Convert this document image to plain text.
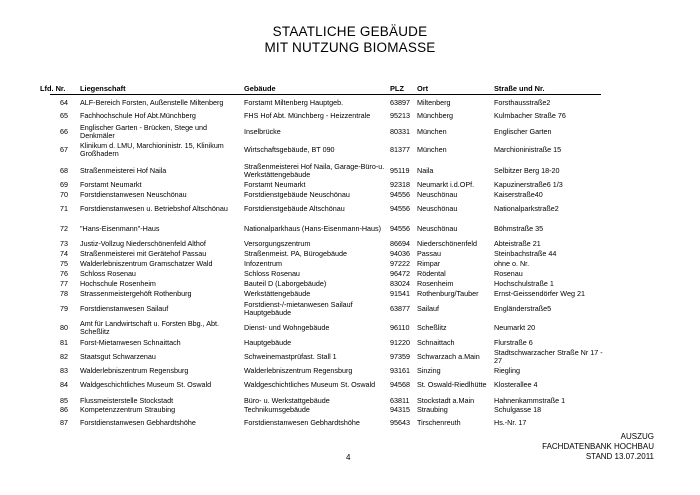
STAATLICHE GEBÄUDE
MIT NUTZUNG BIOMASSE
Lfd. Nr.	Liegenschaft	Gebäude	PLZ	Ort	Straße und Nr.
64 ALF-Bereich Forsten, Außenstelle Miltenberg	Forstamt Miltenberg Hauptgeb.	63897 Miltenberg	Forsthausstraße2
65 Fachhochschule Hof Abt.Münchberg	FHS Hof Abt. Münchberg - Heizzentrale	95213 Münchberg	Kulmbacher Straße 76
66 Englischer Garten - Brücken, Stege und Denkmäler	Inselbrücke	80331 München	Englischer Garten
67 Klinikum d. LMU, Marchioninistr. 15, Klinikum Großhadern	Wirtschaftsgebäude, BT 090	81377 München	Marchioninistraße 15
68 Straßenmeisterei Hof Naila	Straßenmeisterei Hof Naila, Garage-Büro-u. Werkstättengebäude	95119	Naila	Selbitzer Berg 18-20
69 Forstamt Neumarkt	Forstamt Neumarkt	92318 Neumarkt i.d.OPf.	Kapuzinerstraße6 1/3
70 Forstdienstanwesen Neuschönau	Forstdienstgebäude Neuschönau	94556 Neuschönau	Kaiserstraße40
71 Forstdienstanwesen u. Betriebshof Altschönau	Forstdienstgebäude Altschönau	94556 Neuschönau	Nationalparkstraße2
72 "Hans-Eisenmann"-Haus	Nationalparkhaus (Hans-Eisenmann-Haus)	94556 Neuschönau	Böhmstraße 35
73 Justiz-Vollzug Niederschönenfeld Althof	Versorgungszentrum	86694 Niederschönenfeld	Abteistraße 21
74 Straßenmeisterei mit Gerätehof Passau	Straßenmeist. PA, Bürogebäude	94036 Passau	Steinbachstraße 44
75 Walderlebniszentrum Gramschatzer Wald	Infozentrum	97222 Rimpar	ohne o. Nr.
76 Schloss Rosenau	Schloss Rosenau	96472 Rödental	Rosenau
77 Hochschule Rosenheim	Bauteil D (Laborgebäude)	83024 Rosenheim	Hochschulstraße 1
78 Strassenmeistergehöft Rothenburg	Werkstättengebäude	91541 Rothenburg/Tauber	Ernst-Geissendörfer Weg 21
79 Forstdienstanwesen Sailauf	Forstdienst-/-mietanwesen Sailauf Hauptgebäude	63877 Sailauf	Engländerstraße5
80 Amt für Landwirtschaft u. Forsten Bbg., Abt. Scheßlitz	Dienst- und Wohngebäude	96110	Scheßlitz	Neumarkt 20
81 Forst-Mietanwesen Schnaittach	Hauptgebäude	91220 Schnaittach	Flurstraße 6
82 Staatsgut Schwarzenau	Schweinemastprüfast. Stall 1	97359 Schwarzach a.Main	Stadtschwarzacher Straße Nr 17 - 27
83 Walderlebniszentrum Regensburg	Walderlebniszentrum Regensburg	93161 Sinzing	Riegling
84 Waldgeschichtliches Museum St. Oswald	Waldgeschichtliches Museum St. Oswald	94568 St. Oswald-Riedlhütte	Klosterallee 4
85 Flussmeisterstelle Stockstadt	Büro- u. Werkstattgebäude	63811	Stockstadt a.Main	Hahnenkammstraße 1
86 Kompetenzzentrum Straubing	Technikumsgebäude	94315 Straubing	Schulgasse 18
87 Forstdienstanwesen Gebhardtshöhe	Forstdienstanwesen Gebhardtshöhe	95643 Tirschenreuth	Hs.-Nr. 17
4
AUSZUG
FACHDATENBANK HOCHBAU
STAND 13.07.2011
